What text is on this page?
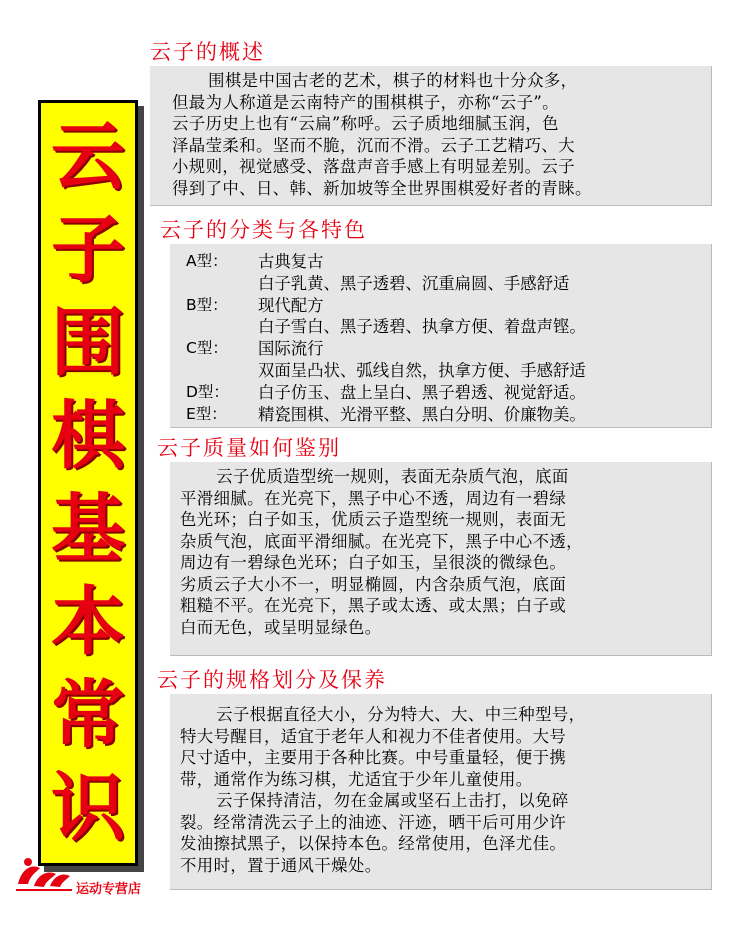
云
子
围
棋
基
本
常
识
云子的概述

围棋是中国古老的艺术，棋子的材料也十分众多，

但最为人称道是云南特产的围棋棋子，亦称“云子”。

云子历史上也有“云扁”称呼。云子质地细腻玉润，色

泽晶莹柔和。坚而不脆，沉而不滑。云子工艺精巧、大

小规则，视觉感受、落盘声音手感上有明显差别。云子

得到了中、日、韩、新加坡等全世界围棋爱好者的青睐。

云子的分类与各特色
A型：	古典复古
白子乳黄、黑子透碧、沉重扁圆、手感舒适
B型：	现代配方
白子雪白、黑子透碧、执拿方便、着盘声铿。
C型：	国际流行
双面呈凸状、弧线自然，执拿方便、手感舒适
D型：	白子仿玉、盘上呈白、黑子碧透、视觉舒适。
E型：	精瓷围棋、光滑平整、黑白分明、价廉物美。
云子质量如何鉴别

云子优质造型统一规则，表面无杂质气泡，底面

平滑细腻。在光亮下，黑子中心不透，周边有一碧绿

色光环；白子如玉，优质云子造型统一规则，表面无

杂质气泡，底面平滑细腻。在光亮下，黑子中心不透，

周边有一碧绿色光环；白子如玉，呈很淡的微绿色。

劣质云子大小不一，明显椭圆，内含杂质气泡，底面

粗糙不平。在光亮下，黑子或太透、或太黑；白子或

白而无色，或呈明显绿色。

云子的规格划分及保养

云子根据直径大小，分为特大、大、中三种型号，

特大号醒目，适宜于老年人和视力不佳者使用。大号

尺寸适中，主要用于各种比赛。中号重量轻，便于携

带，通常作为练习棋，尤适宜于少年儿童使用。

云子保持清洁，勿在金属或坚石上击打，以免碎

裂。经常清洗云子上的油迹、汗迹，晒干后可用少许

发油擦拭黑子，以保持本色。经常使用，色泽尤佳。

不用时，置于通风干燥处。

运动专营店
